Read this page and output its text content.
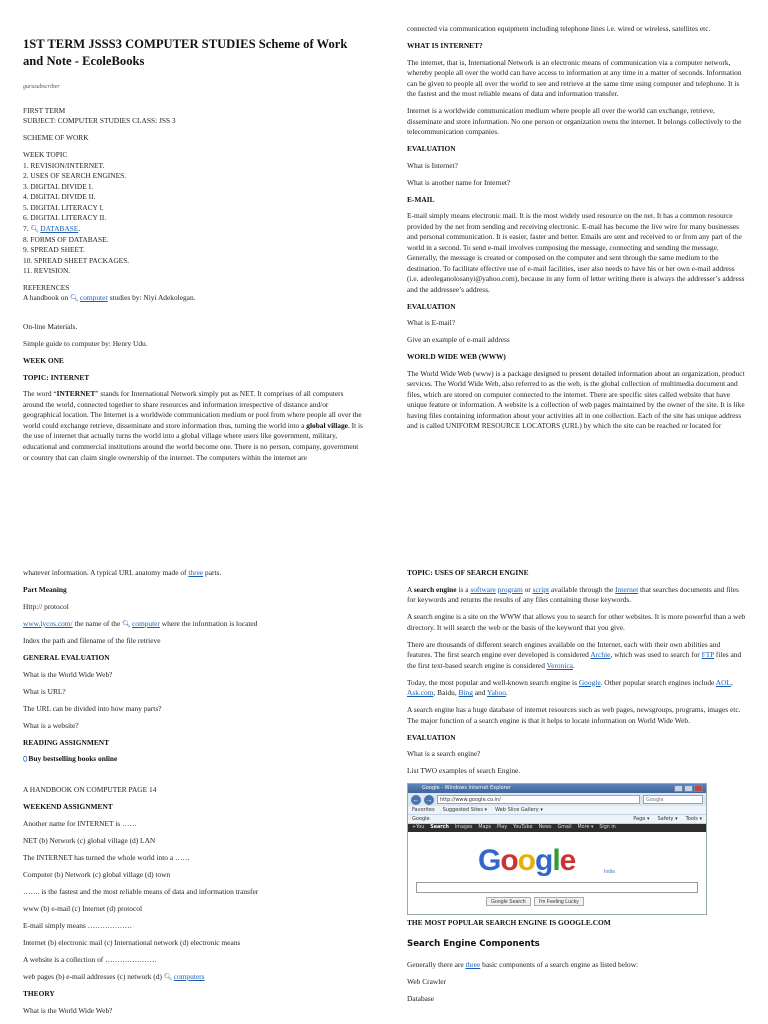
1ST TERM JSSS3 COMPUTER STUDIES Scheme of Work and Note - EcoleBooks
gurusubscriber

FIRST TERM

SUBJECT: COMPUTER STUDIES CLASS: JSS 3

SCHEME OF WORK

WEEK TOPIC
1. REVISION/INTERNET.
2. USES OF SEARCH ENGINES.
3. DIGITAL DIVIDE I.
4. DIGITAL DIVIDE II.
5. DIGITAL LITERACY I.
6. DIGITAL LITERACY II.
7. 🔍︎DATABASE.
8. FORMS OF DATABASE.
9. SPREAD SHEET.
10. SPREAD SHEET PACKAGES.
11. REVISION.

REFERENCES

A handbook on 🔍︎computer studies by: Niyi Adekolegan.

On-line Materials.

Simple guide to computer by: Henry Udu.

WEEK ONE
TOPIC: INTERNET

The word “INTERNET” stands for International Network simply put as NET. It comprises of all computers around the world, connected together to share resources and information irrespective of distance and/or geographical location. The Internet is a worldwide communication medium or pool from where people all over the world could exchange retrieve, disseminate and store information thus, turning the world into a global village. It is the use of internet that actually turns the world into a global village where users like government, military, educational and commercial institutions around the world become one. There is no person, company, government or country that can claim single ownership of the internet. The computers within the internet are

connected via communication equipment including telephone lines i.e. wired or wireless, satellites etc.

WHAT IS INTERNET?

The internet, that is, International Network is an electronic means of communication via a computer network, whereby people all over the world can have access to information at any time in a matter of seconds. Information can be given to people all over the world to see and retrieve at the same time using computer and telephone. It is the fastest and the most reliable means of data and information transfer.

Internet is a worldwide communication medium where people all over the world can exchange, retrieve, disseminate and store information. No one person or organization owns the internet. It belongs collectively to the telecommunication companies.

EVALUATION

What is Internet?

What is another name for Internet?

E-MAIL

E-mail simply means electronic mail. It is the most widely used resource on the net. It has a common resource provided by the net from sending and receiving electronic. E-mail has become the live wire for many businesses and personal communication. It is easier, faster and better. Emails are sent and received to or from any part of the world in a second. To send e-mail involves composing the message, connecting and sending the message. Generally, the message is created or composed on the computer and sent through the same medium to the destination. To facilitate effective use of e-mail facilities, user also needs to have his or her own e-mail address (i.e. adeoleganolosanyi@yahoo.com), because in any form of letter writing there is always the addresser’s address and the addressee’s address.

EVALUATION

What is E-mail?

Give an example of e-mail address

WORLD WIDE WEB (WWW)

The World Wide Web (www) is a package designed to present detailed information about an organization, product services. The World Wide Web, also referred to as the web, is the global collection of multimedia document and files, which are stored on computer connected to the internet. There are specific sites called website that have unique feature or information. A website is a collection of web pages maintained by the owner of the site. It is like having files containing information about your activities all in one collection. Each of the site has unique address and is called UNIFORM RESOURCE LOCATORS (URL) by which the site can be reached or located for

whatever information. A typical URL anatomy made of three parts.

Part Meaning

Http:// protocol

www.lycos.com/ the name of the 🔍︎computer where the information is located

Index the path and filename of the file retrieve

GENERAL EVALUATION

What is the World Wide Web?

What is URL?

The URL can be divided into how many parts?

What is a website?

READING ASSIGNMENT

⬯Buy bestselling books online

A HANDBOOK ON COMPUTER PAGE 14

WEEKEND ASSIGNMENT

Another name for INTERNET is ……

NET (b) Network (c) global village (d) LAN

The INTERNET has turned the whole world into a ……

Computer (b) Network (c) global village (d) town

……. is the fastest and the most reliable means of data and information transfer

www (b) e-mail (c) Internet (d) protocol

E-mail simply means ………………

Internet (b) electronic mail (c) International network (d) electronic means

A website is a collection of …………………

web pages (b) e-mail addresses (c) network (d) 🔍︎computers

THEORY

What is the World Wide Web?

TOPIC: USES OF SEARCH ENGINE

A search engine is a software program or script available through the Internet that searches documents and files for keywords and returns the results of any files containing those keywords.

A search engine is a site on the WWW that allows you to search for other websites. It is more powerful than a web directory. It will search the web or the basis of the keyword that you give.

There are thousands of different search engines available on the Internet, each with their own abilities and features. The first search engine ever developed is considered Archie, which was used to search for FTP files and the first text-based search engine is considered Veronica.

Today, the most popular and well-known search engine is Google. Other popular search engines include AOL, Ask.com, Baidu, Bing and Yahoo.

A search engine has a huge database of internet resources such as web pages, newsgroups, programs, images etc. The major function of a search engine is that it helps to locate information on World Wide Web.

EVALUATION

What is a search engine?

List TWO examples of search Engine.

Google - Windows Internet Explorer
← →	http://www.google.co.in/	Google
Favorites Suggested Sites ▾ Web Slice Gallery ▾
Google	Page ▾ Safety ▾ Tools ▾
+You Search Images Maps Play YouTube News Gmail More ▾ Sign in
Google	India
Google Search	I'm Feeling Lucky
THE MOST POPULAR SEARCH ENGINE IS GOOGLE.COM
Search Engine Components

Generally there are three basic components of a search engine as listed below:

Web Crawler

Database
